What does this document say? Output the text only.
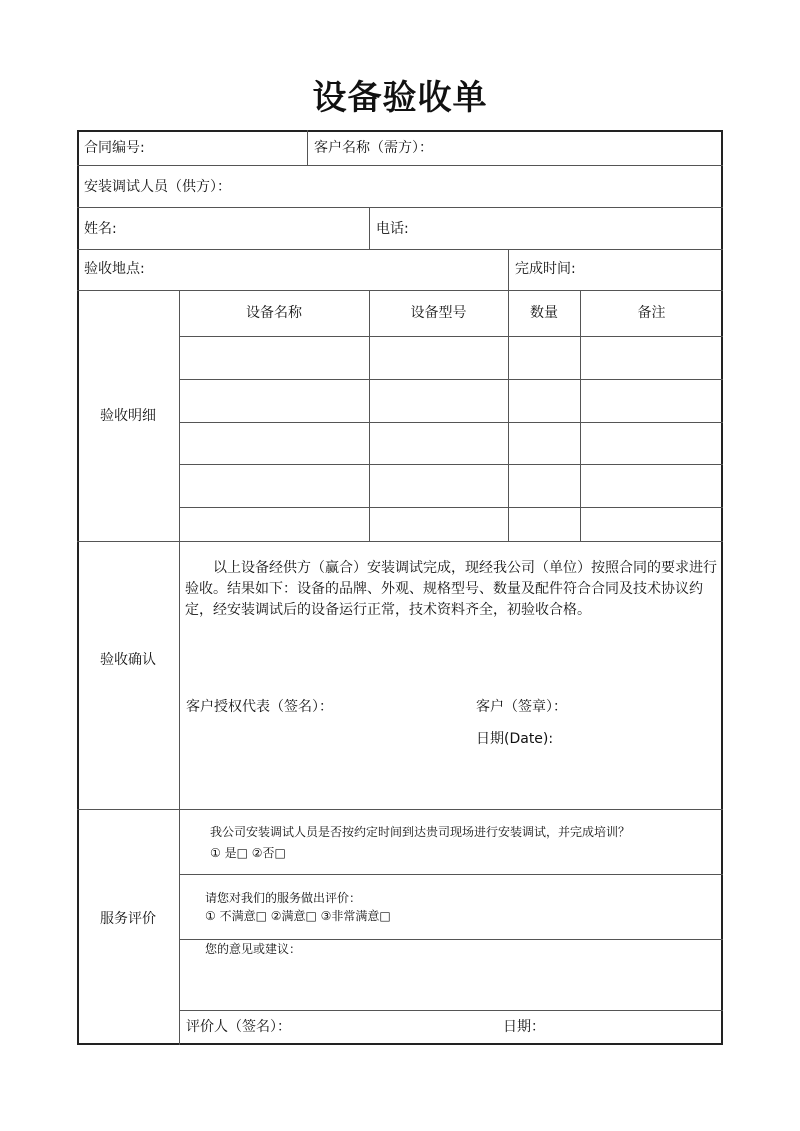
设备验收单
合同编号:	客户名称（需方）：
安装调试人员（供方）：
姓名:	电话:
验收地点:	完成时间:
验收明细
设备名称	设备型号	数量	备注
验收确认
以上设备经供方（赢合）安装调试完成，现经我公司（单位）按照合同的要求进行验收。结果如下：设备的品牌、外观、规格型号、数量及配件符合合同及技术协议约定，经安装调试后的设备运行正常，技术资料齐全，初验收合格。
客户授权代表（签名）：	客户（签章）：
日期(Date):
服务评价
我公司安装调试人员是否按约定时间到达贵司现场进行安装调试，并完成培训？
① 是□ ②否□
请您对我们的服务做出评价：
① 不满意□ ②满意□ ③非常满意□
您的意见或建议：
评价人（签名）：	日期：
